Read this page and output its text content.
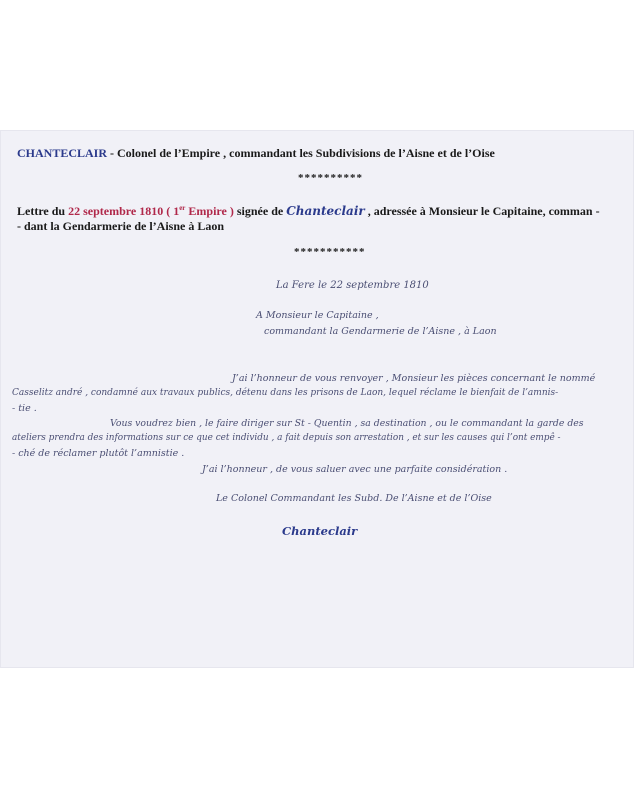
CHANTECLAIR - Colonel de l’Empire , commandant les Subdivisions de l’Aisne et de l’Oise
**********
Lettre du 22 septembre 1810 ( 1er Empire ) signée de Chanteclair , adressée à Monsieur le Capitaine, comman -
- dant la Gendarmerie de l’Aisne à Laon
***********
La Fere le 22 septembre 1810
A Monsieur le Capitaine ,
commandant la Gendarmerie de l’Aisne , à Laon
J’ai l’honneur de vous renvoyer , Monsieur les pièces concernant le nommé
Casselitz andré , condamné aux travaux publics, détenu dans les prisons de Laon, lequel réclame le bienfait de l’amnis-
- tie .
Vous voudrez bien , le faire diriger sur St - Quentin , sa destination , ou le commandant la garde des
ateliers prendra des informations sur ce que cet individu , a fait depuis son arrestation , et sur les causes qui l’ont empê -
- ché de réclamer plutôt l’amnistie .
J’ai l’honneur , de vous saluer avec une parfaite considération .
Le Colonel Commandant les Subd. De l’Aisne et de l’Oise
Chanteclair
